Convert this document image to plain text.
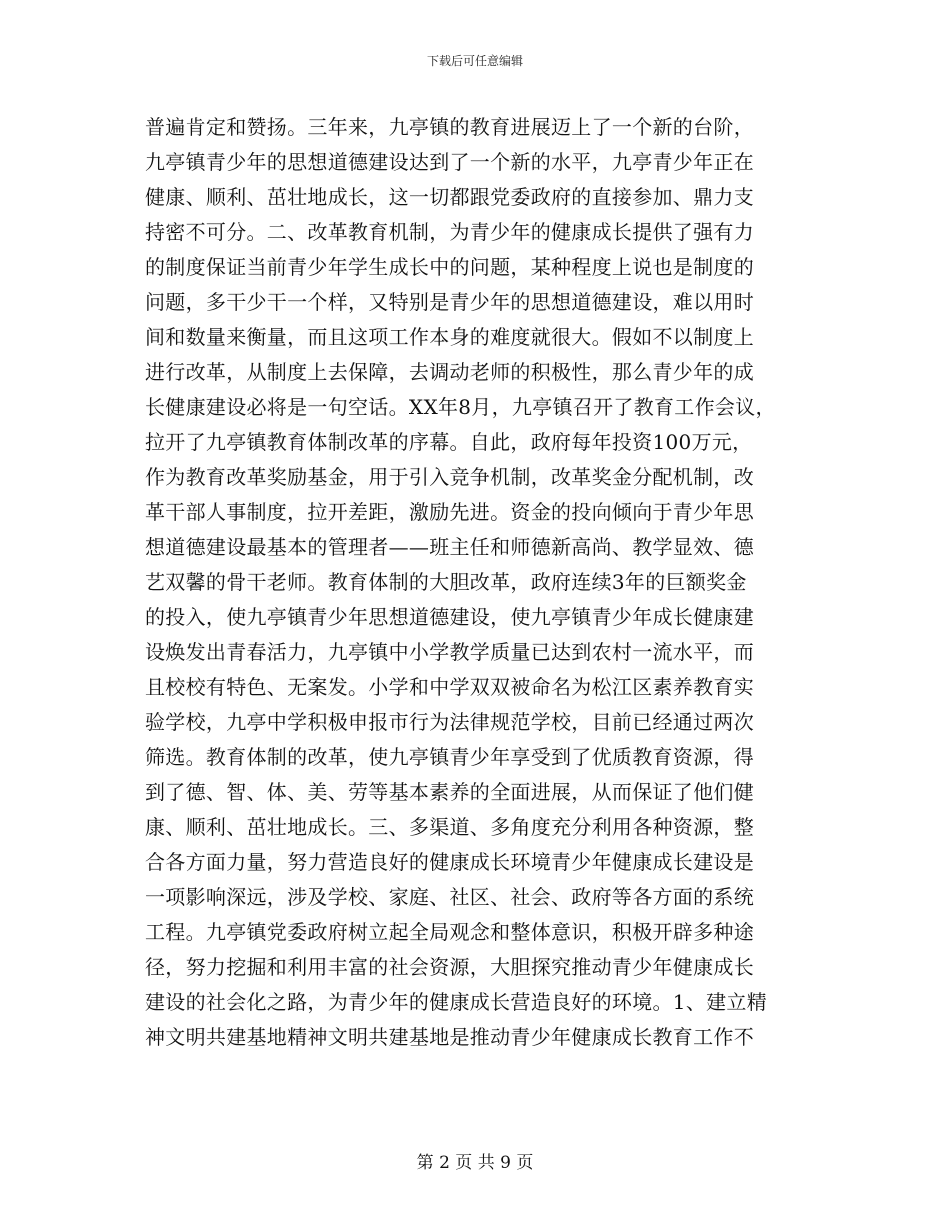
下载后可任意编辑
普遍肯定和赞扬。三年来，九亭镇的教育进展迈上了一个新的台阶，
九亭镇青少年的思想道德建设达到了一个新的水平，九亭青少年正在
健康、顺利、茁壮地成长，这一切都跟党委政府的直接参加、鼎力支
持密不可分。二、改革教育机制，为青少年的健康成长提供了强有力
的制度保证当前青少年学生成长中的问题，某种程度上说也是制度的
问题，多干少干一个样，又特别是青少年的思想道德建设，难以用时
间和数量来衡量，而且这项工作本身的难度就很大。假如不以制度上
进行改革，从制度上去保障，去调动老师的积极性，那么青少年的成
长健康建设必将是一句空话。XX年8月，九亭镇召开了教育工作会议，
拉开了九亭镇教育体制改革的序幕。自此，政府每年投资100万元，
作为教育改革奖励基金，用于引入竞争机制，改革奖金分配机制，改
革干部人事制度，拉开差距，激励先进。资金的投向倾向于青少年思
想道德建设最基本的管理者——班主任和师德新高尚、教学显效、德
艺双馨的骨干老师。教育体制的大胆改革，政府连续3年的巨额奖金
的投入，使九亭镇青少年思想道德建设，使九亭镇青少年成长健康建
设焕发出青春活力，九亭镇中小学教学质量已达到农村一流水平，而
且校校有特色、无案发。小学和中学双双被命名为松江区素养教育实
验学校，九亭中学积极申报市行为法律规范学校，目前已经通过两次
筛选。教育体制的改革，使九亭镇青少年享受到了优质教育资源，得
到了德、智、体、美、劳等基本素养的全面进展，从而保证了他们健
康、顺利、茁壮地成长。三、多渠道、多角度充分利用各种资源，整
合各方面力量，努力营造良好的健康成长环境青少年健康成长建设是
一项影响深远，涉及学校、家庭、社区、社会、政府等各方面的系统
工程。九亭镇党委政府树立起全局观念和整体意识，积极开辟多种途
径，努力挖掘和利用丰富的社会资源，大胆探究推动青少年健康成长
建设的社会化之路，为青少年的健康成长营造良好的环境。1、建立精
神文明共建基地精神文明共建基地是推动青少年健康成长教育工作不
第 2 页 共 9 页
